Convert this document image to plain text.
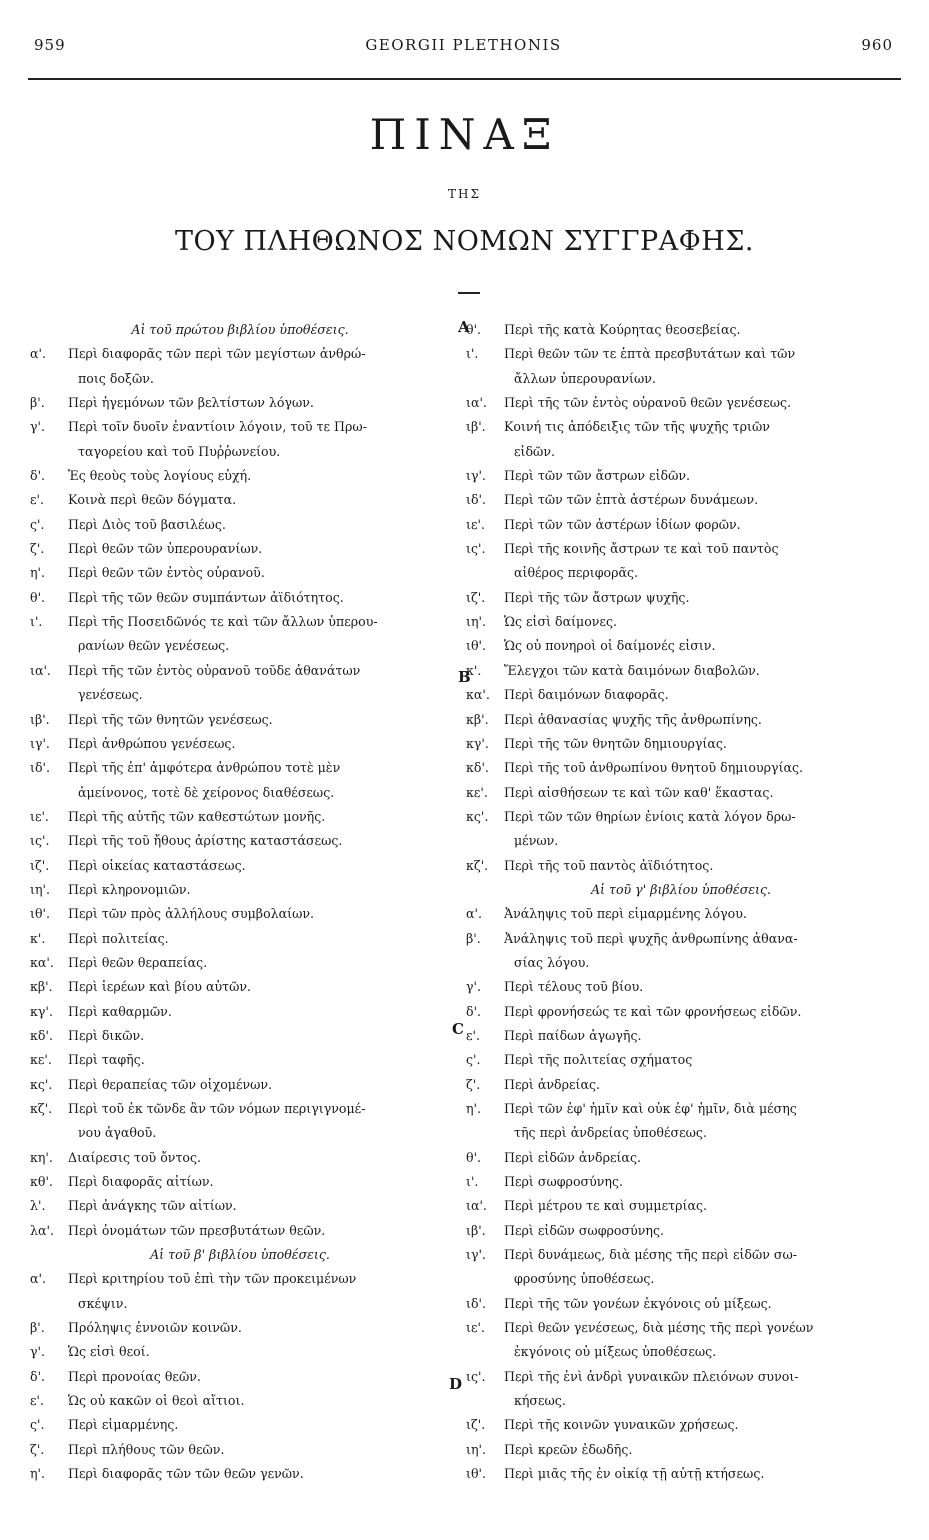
959	GEORGII PLETHONIS	960
ΠΙΝΑΞ
ΤΗΣ
ΤΟΥ ΠΛΗΘΩΝΟΣ ΝΟΜΩΝ ΣΥΓΓΡΑΦΗΣ.
Αἱ τοῦ πρώτου βιβλίου ὑποθέσεις.
α'. Περὶ διαφορᾶς τῶν περὶ τῶν μεγίστων ἀνθρώ-
ποις δοξῶν.
β'. Περὶ ἡγεμόνων τῶν βελτίστων λόγων.
γ'. Περὶ τοῖν δυοῖν ἐναντίοιν λόγοιν, τοῦ τε Πρω-
ταγορείου καὶ τοῦ Πυῤῥωνείου.
δ'. Ἐς θεοὺς τοὺς λογίους εὐχή.
ε'. Κοινὰ περὶ θεῶν δόγματα.
ς'. Περὶ Διὸς τοῦ βασιλέως.
ζ'. Περὶ θεῶν τῶν ὑπερουρανίων.
η'. Περὶ θεῶν τῶν ἐντὸς οὐρανοῦ.
θ'. Περὶ τῆς τῶν θεῶν συμπάντων ἀϊδιότητος.
ι'. Περὶ τῆς Ποσειδῶνός τε καὶ τῶν ἄλλων ὑπερου-
ρανίων θεῶν γενέσεως.
ια'. Περὶ τῆς τῶν ἐντὸς οὐρανοῦ τοῦδε ἀθανάτων
γενέσεως.
ιβ'. Περὶ τῆς τῶν θνητῶν γενέσεως.
ιγ'. Περὶ ἀνθρώπου γενέσεως.
ιδ'. Περὶ τῆς ἐπ' ἀμφότερα ἀνθρώπου τοτὲ μὲν
ἀμείνονος, τοτὲ δὲ χείρονος διαθέσεως.
ιε'. Περὶ τῆς αὐτῆς τῶν καθεστώτων μονῆς.
ις'. Περὶ τῆς τοῦ ἤθους ἀρίστης καταστάσεως.
ιζ'. Περὶ οἰκείας καταστάσεως.
ιη'. Περὶ κληρονομιῶν.
ιθ'. Περὶ τῶν πρὸς ἀλλήλους συμβολαίων.
κ'. Περὶ πολιτείας.
κα'. Περὶ θεῶν θεραπείας.
κβ'. Περὶ ἱερέων καὶ βίου αὐτῶν.
κγ'. Περὶ καθαρμῶν.
κδ'. Περὶ δικῶν.
κε'. Περὶ ταφῆς.
κς'. Περὶ θεραπείας τῶν οἰχομένων.
κζ'. Περὶ τοῦ ἐκ τῶνδε ἂν τῶν νόμων περιγιγνομέ-
νου ἀγαθοῦ.
κη'. Διαίρεσις τοῦ ὄντος.
κθ'. Περὶ διαφορᾶς αἰτίων.
λ'. Περὶ ἀνάγκης τῶν αἰτίων.
λα'. Περὶ ὀνομάτων τῶν πρεσβυτάτων θεῶν.
Αἱ τοῦ β' βιβλίου ὑποθέσεις.
α'. Περὶ κριτηρίου τοῦ ἐπὶ τὴν τῶν προκειμένων
σκέψιν.
β'. Πρόληψις ἐννοιῶν κοινῶν.
γ'. Ὡς εἰσὶ θεοί.
δ'. Περὶ προνοίας θεῶν.
ε'. Ὡς οὐ κακῶν οἱ θεοὶ αἴτιοι.
ς'. Περὶ εἱμαρμένης.
ζ'. Περὶ πλήθους τῶν θεῶν.
η'. Περὶ διαφορᾶς τῶν τῶν θεῶν γενῶν.
θ'. Περὶ τῆς κατὰ Κούρητας θεοσεβείας.
ι'. Περὶ θεῶν τῶν τε ἑπτὰ πρεσβυτάτων καὶ τῶν
ἄλλων ὑπερουρανίων.
ια'. Περὶ τῆς τῶν ἐντὸς οὐρανοῦ θεῶν γενέσεως.
ιβ'. Κοινή τις ἀπόδειξις τῶν τῆς ψυχῆς τριῶν
εἰδῶν.
ιγ'. Περὶ τῶν τῶν ἄστρων εἰδῶν.
ιδ'. Περὶ τῶν τῶν ἑπτὰ ἀστέρων δυνάμεων.
ιε'. Περὶ τῶν τῶν ἀστέρων ἰδίων φορῶν.
ις'. Περὶ τῆς κοινῆς ἄστρων τε καὶ τοῦ παντὸς
αἰθέρος περιφορᾶς.
ιζ'. Περὶ τῆς τῶν ἄστρων ψυχῆς.
ιη'. Ὡς εἰσὶ δαίμονες.
ιθ'. Ὡς οὐ πονηροὶ οἱ δαίμονές εἰσιν.
κ'. Ἔλεγχοι τῶν κατὰ δαιμόνων διαβολῶν.
κα'. Περὶ δαιμόνων διαφορᾶς.
κβ'. Περὶ ἀθανασίας ψυχῆς τῆς ἀνθρωπίνης.
κγ'. Περὶ τῆς τῶν θνητῶν δημιουργίας.
κδ'. Περὶ τῆς τοῦ ἀνθρωπίνου θνητοῦ δημιουργίας.
κε'. Περὶ αἰσθήσεων τε καὶ τῶν καθ' ἕκαστας.
κς'. Περὶ τῶν τῶν θηρίων ἐνίοις κατὰ λόγον δρω-
μένων.
κζ'. Περὶ τῆς τοῦ παντὸς ἀϊδιότητος.
Αἱ τοῦ γ' βιβλίου ὑποθέσεις.
α'. Ἀνάληψις τοῦ περὶ εἱμαρμένης λόγου.
β'. Ἀνάληψις τοῦ περὶ ψυχῆς ἀνθρωπίνης ἀθανα-
σίας λόγου.
γ'. Περὶ τέλους τοῦ βίου.
δ'. Περὶ φρονήσεώς τε καὶ τῶν φρονήσεως εἰδῶν.
ε'. Περὶ παίδων ἀγωγῆς.
ς'. Περὶ τῆς πολιτείας σχήματος
ζ'. Περὶ ἀνδρείας.
η'. Περὶ τῶν ἐφ' ἡμῖν καὶ οὐκ ἐφ' ἡμῖν, διὰ μέσης
τῆς περὶ ἀνδρείας ὑποθέσεως.
θ'. Περὶ εἰδῶν ἀνδρείας.
ι'. Περὶ σωφροσύνης.
ια'. Περὶ μέτρου τε καὶ συμμετρίας.
ιβ'. Περὶ εἰδῶν σωφροσύνης.
ιγ'. Περὶ δυνάμεως, διὰ μέσης τῆς περὶ εἰδῶν σω-
φροσύνης ὑποθέσεως.
ιδ'. Περὶ τῆς τῶν γονέων ἐκγόνοις οὐ μίξεως.
ιε'. Περὶ θεῶν γενέσεως, διὰ μέσης τῆς περὶ γονέων
ἐκγόνοις οὐ μίξεως ὑποθέσεως.
ις'. Περὶ τῆς ἑνὶ ἀνδρὶ γυναικῶν πλειόνων συνοι-
κήσεως.
ιζ'. Περὶ τῆς κοινῶν γυναικῶν χρήσεως.
ιη'. Περὶ κρεῶν ἐδωδῆς.
ιθ'. Περὶ μιᾶς τῆς ἐν οἰκίᾳ τῇ αὐτῇ κτήσεως.
A
B
C
D
